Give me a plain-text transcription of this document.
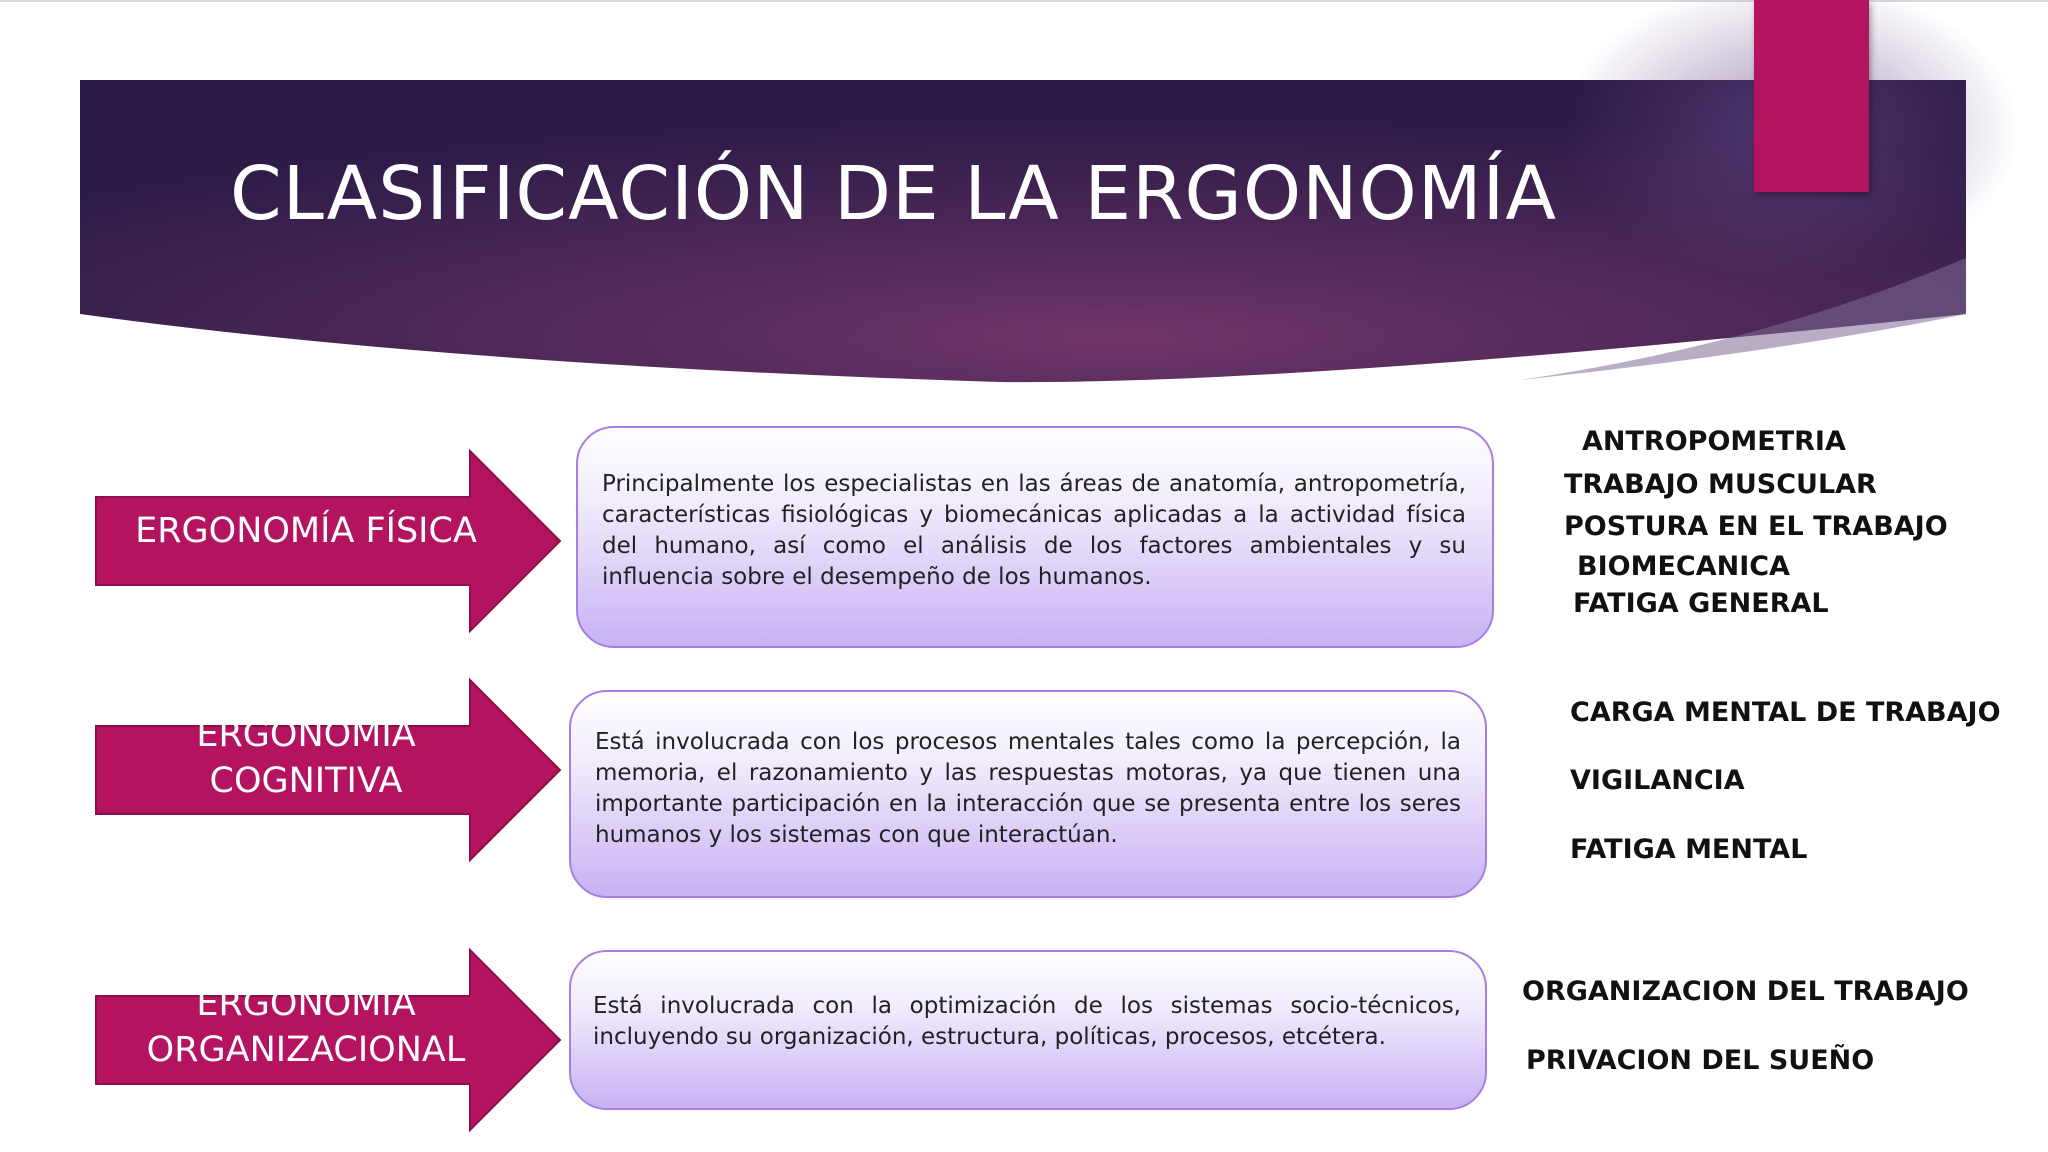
CLASIFICACIÓN DE LA ERGONOMÍA
ERGONOMÍA FÍSICA
Principalmente los especialistas en las áreas de anatomía, antropometría, características fisiológicas y biomecánicas aplicadas a la actividad física del humano, así como el análisis de los factores ambientales y su influencia sobre el desempeño de los humanos.
ANTROPOMETRIA
TRABAJO MUSCULAR
POSTURA EN EL TRABAJO
BIOMECANICA
FATIGA GENERAL
ERGONOMÍA
COGNITIVA
Está involucrada con los procesos mentales tales como la percepción, la memoria, el razonamiento y las respuestas motoras, ya que tienen una importante participación en la interacción que se presenta entre los seres humanos y los sistemas con que interactúan.
CARGA MENTAL DE TRABAJO
VIGILANCIA
FATIGA MENTAL
ERGONOMÍA
ORGANIZACIONAL
Está involucrada con la optimización de los sistemas socio-técnicos, incluyendo su organización, estructura, políticas, procesos, etcétera.
ORGANIZACION DEL TRABAJO
PRIVACION DEL SUEÑO
